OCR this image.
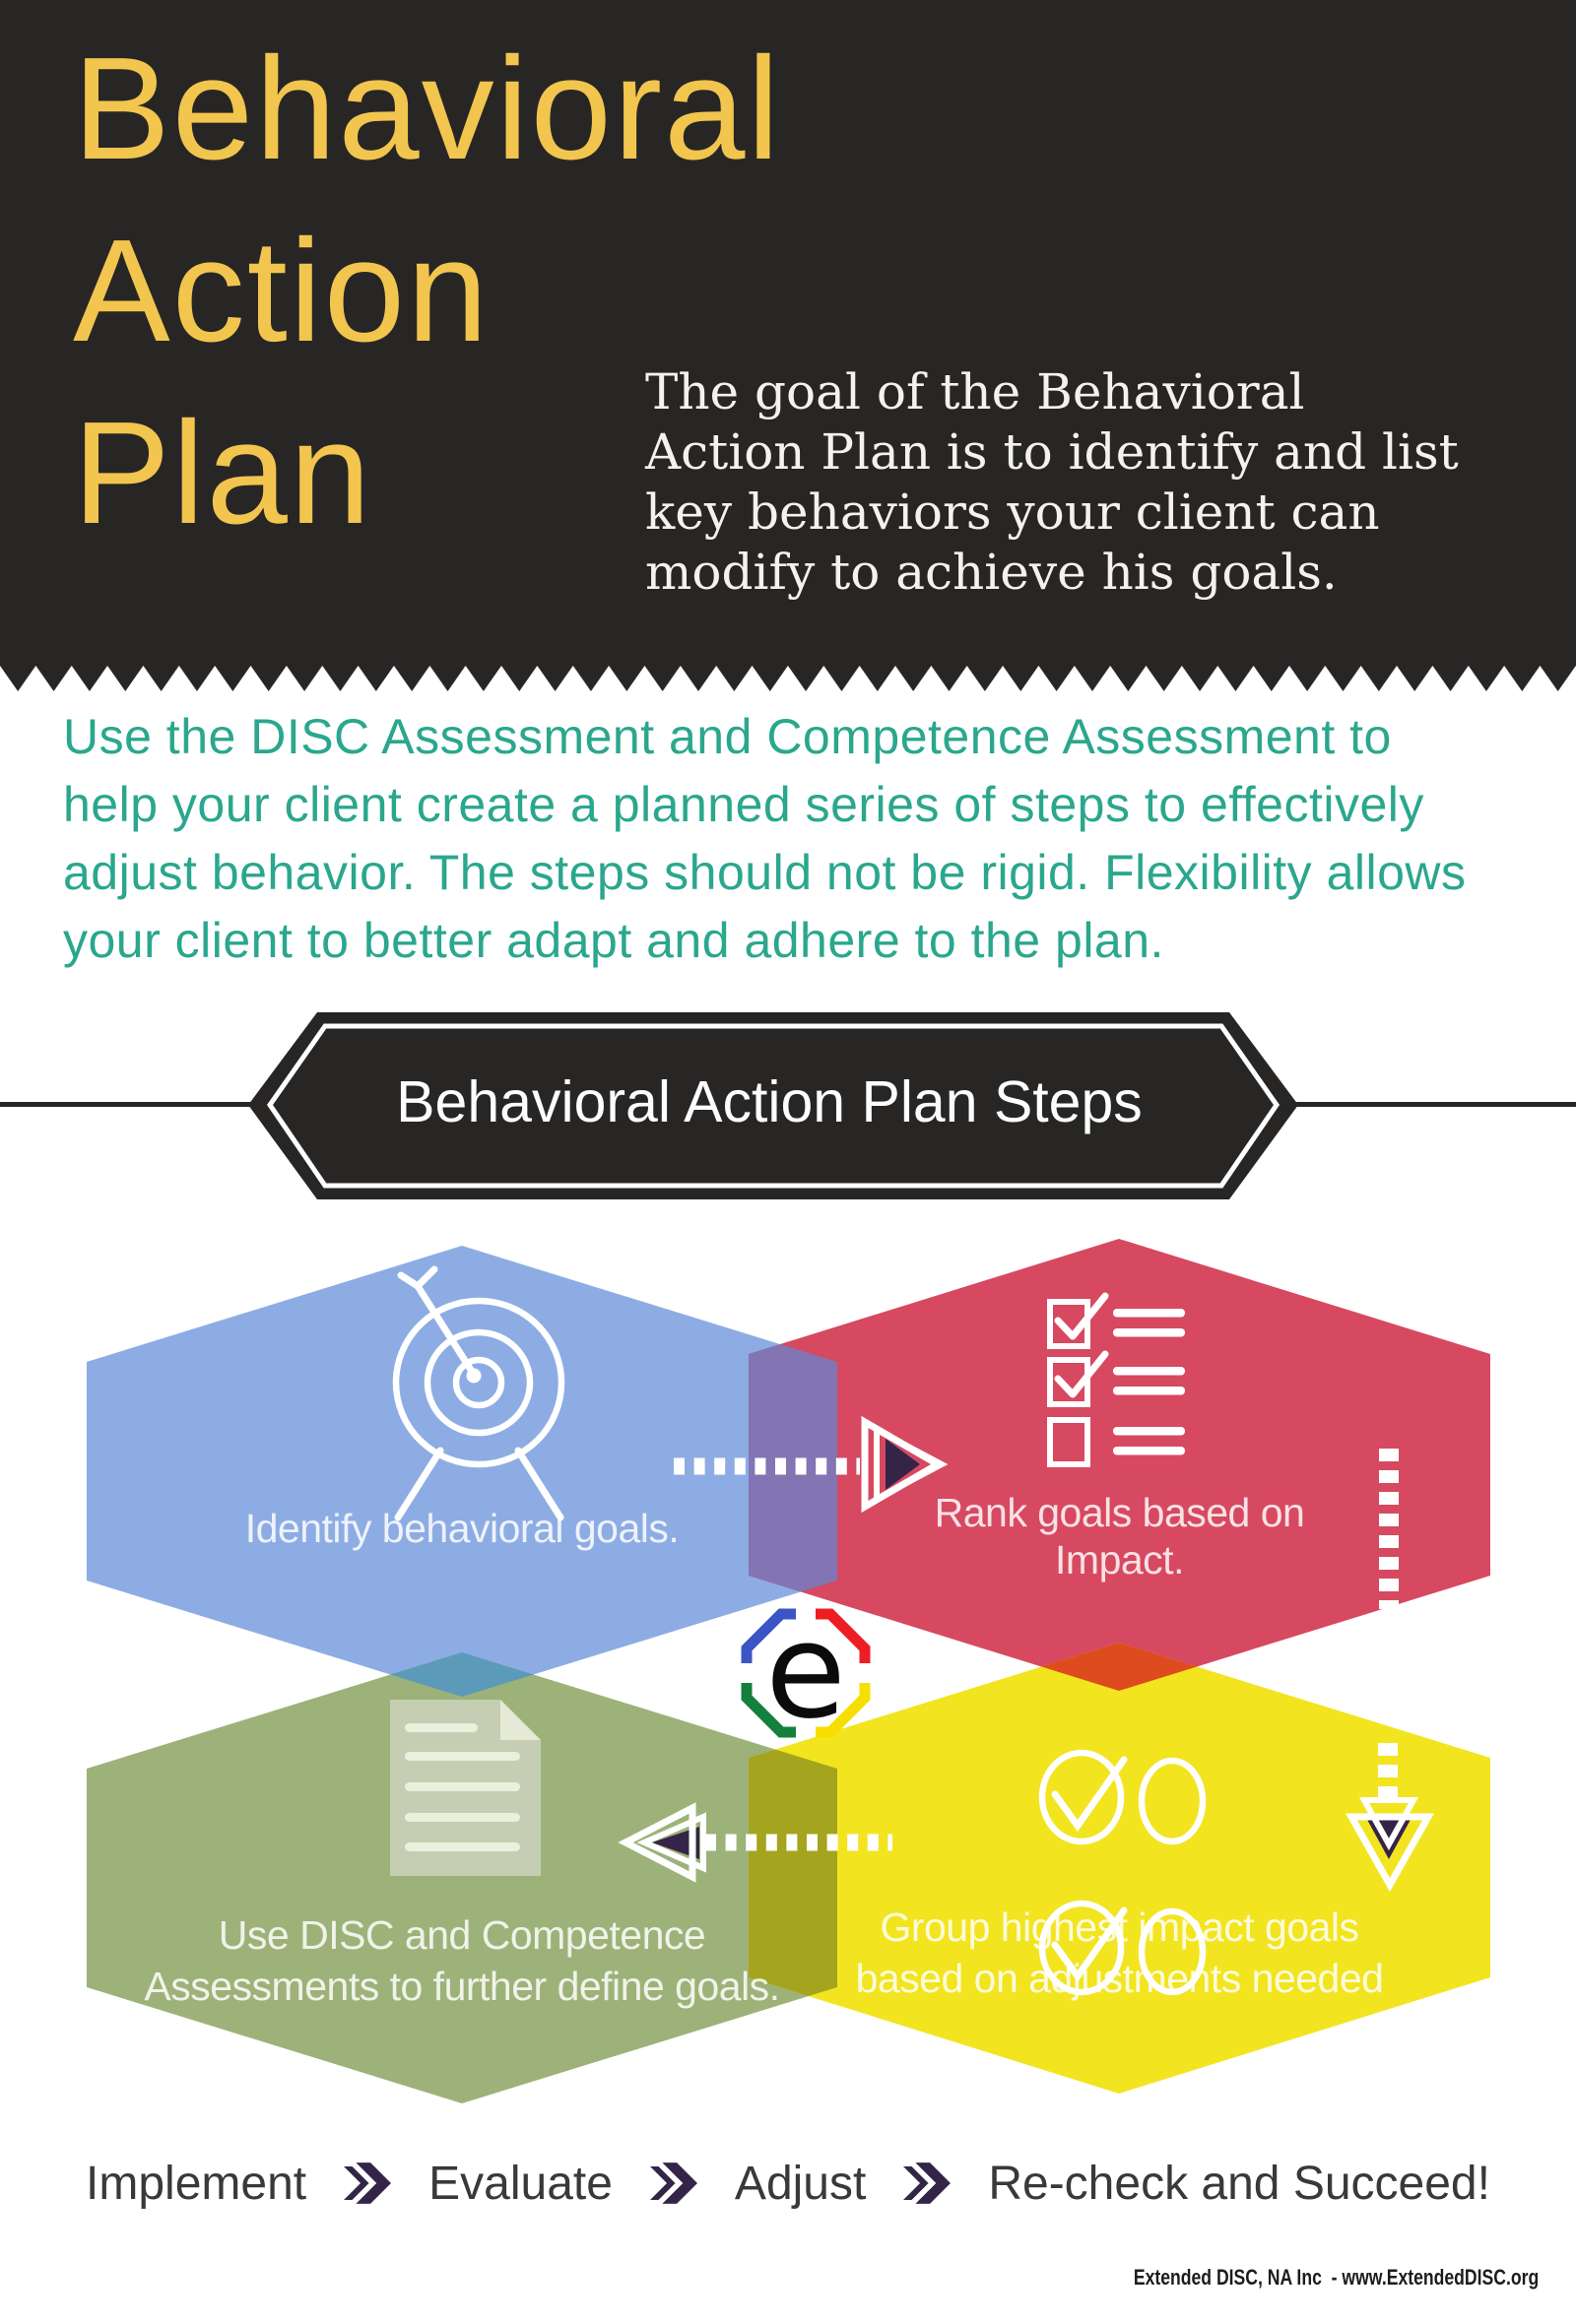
Behavioral
Action
Plan	The goal of the Behavioral
Action Plan is to identify and list
key behaviors your client can
modify to achieve his goals.

Use the DISC Assessment and Competence Assessment to
help your client create a planned series of steps to effectively
adjust behavior. The steps should not be rigid. Flexibility allows
your client to better adapt and adhere to the plan.

Behavioral Action Plan Steps
Identify behavioral goals.	Rank goals based on
Impact.
Use DISC and Competence
Assessments to further define goals.
Group highest impact goals
based on adjustments needed
e
Implement	Evaluate	Adjust	Re-check and Succeed!
Extended DISC, NA Inc  - www.ExtendedDISC.org
